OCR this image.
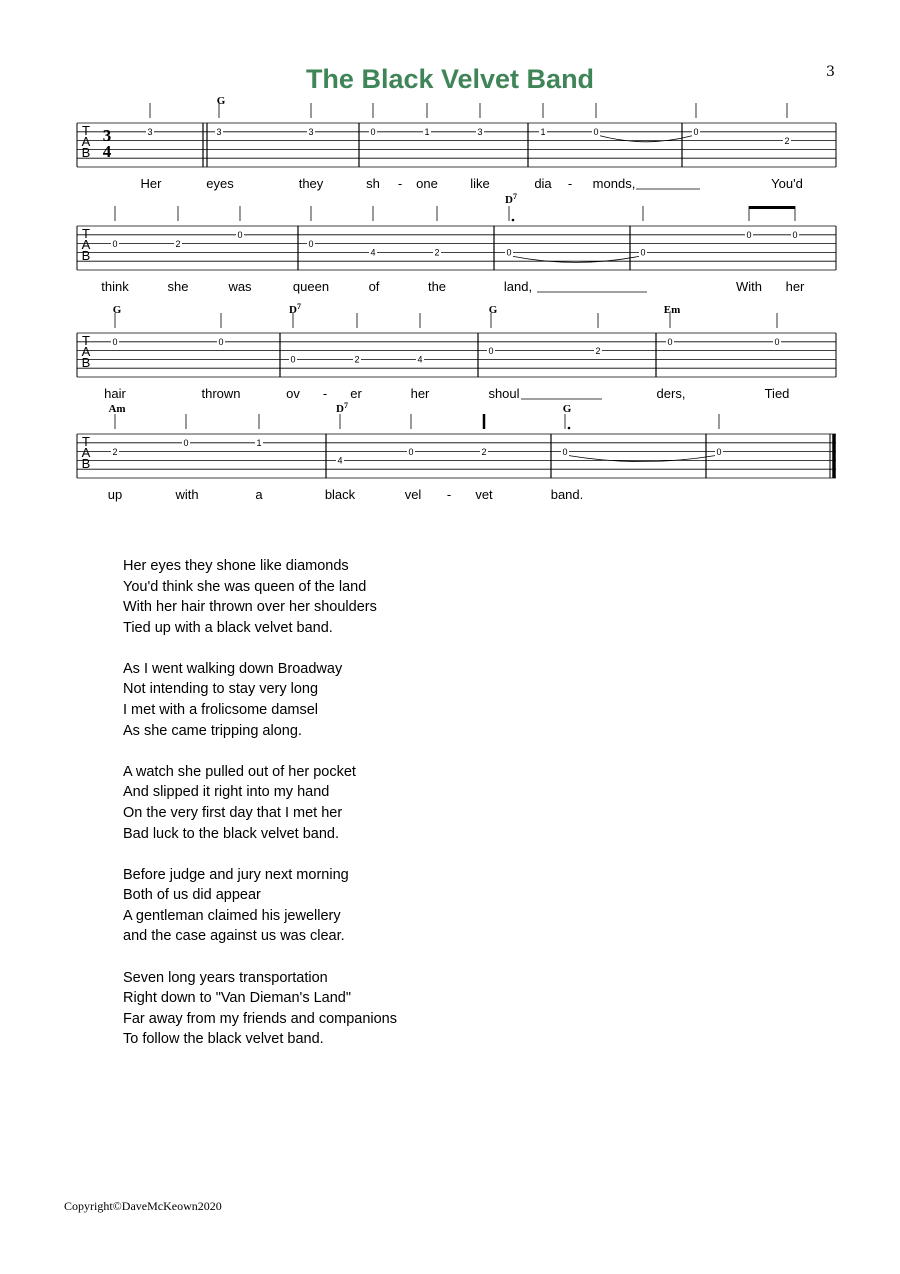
3
The Black Velvet Band
T
A
B
3
4
3	3	3	0	1	3	1	0	0
2
G
Her	eyes	they	sh - one like	dia - monds,	You'd
T
A
B
0	2
0
0
4	2	0	0
0	0
$D^7$
think	she	was	queen	of	the	land,	With her
T
A
B
0	0
0	2	4
0	2
0	0
G	$D^7$	G	Em
hair	thrown	ov - er	her	shoul	ders,	Tied
T
A
B
2
0	1
4
0	2	0	0
Am	$D^7$	G
up	with	a	black	vel - vet	band.
Her eyes they shone like diamonds
You'd think she was queen of the land
With her hair thrown over her shoulders
Tied up with a black velvet band.
As I went walking down Broadway
Not intending to stay very long
I met with a frolicsome damsel
As she came tripping along.
A watch she pulled out of her pocket
And slipped it right into my hand
On the very first day that I met her
Bad luck to the black velvet band.
Before judge and jury next morning
Both of us did appear
A gentleman claimed his jewellery
and the case against us was clear.
Seven long years transportation
Right down to "Van Dieman's Land"
Far away from my friends and companions
To follow the black velvet band.
Copyright©DaveMcKeown2020
